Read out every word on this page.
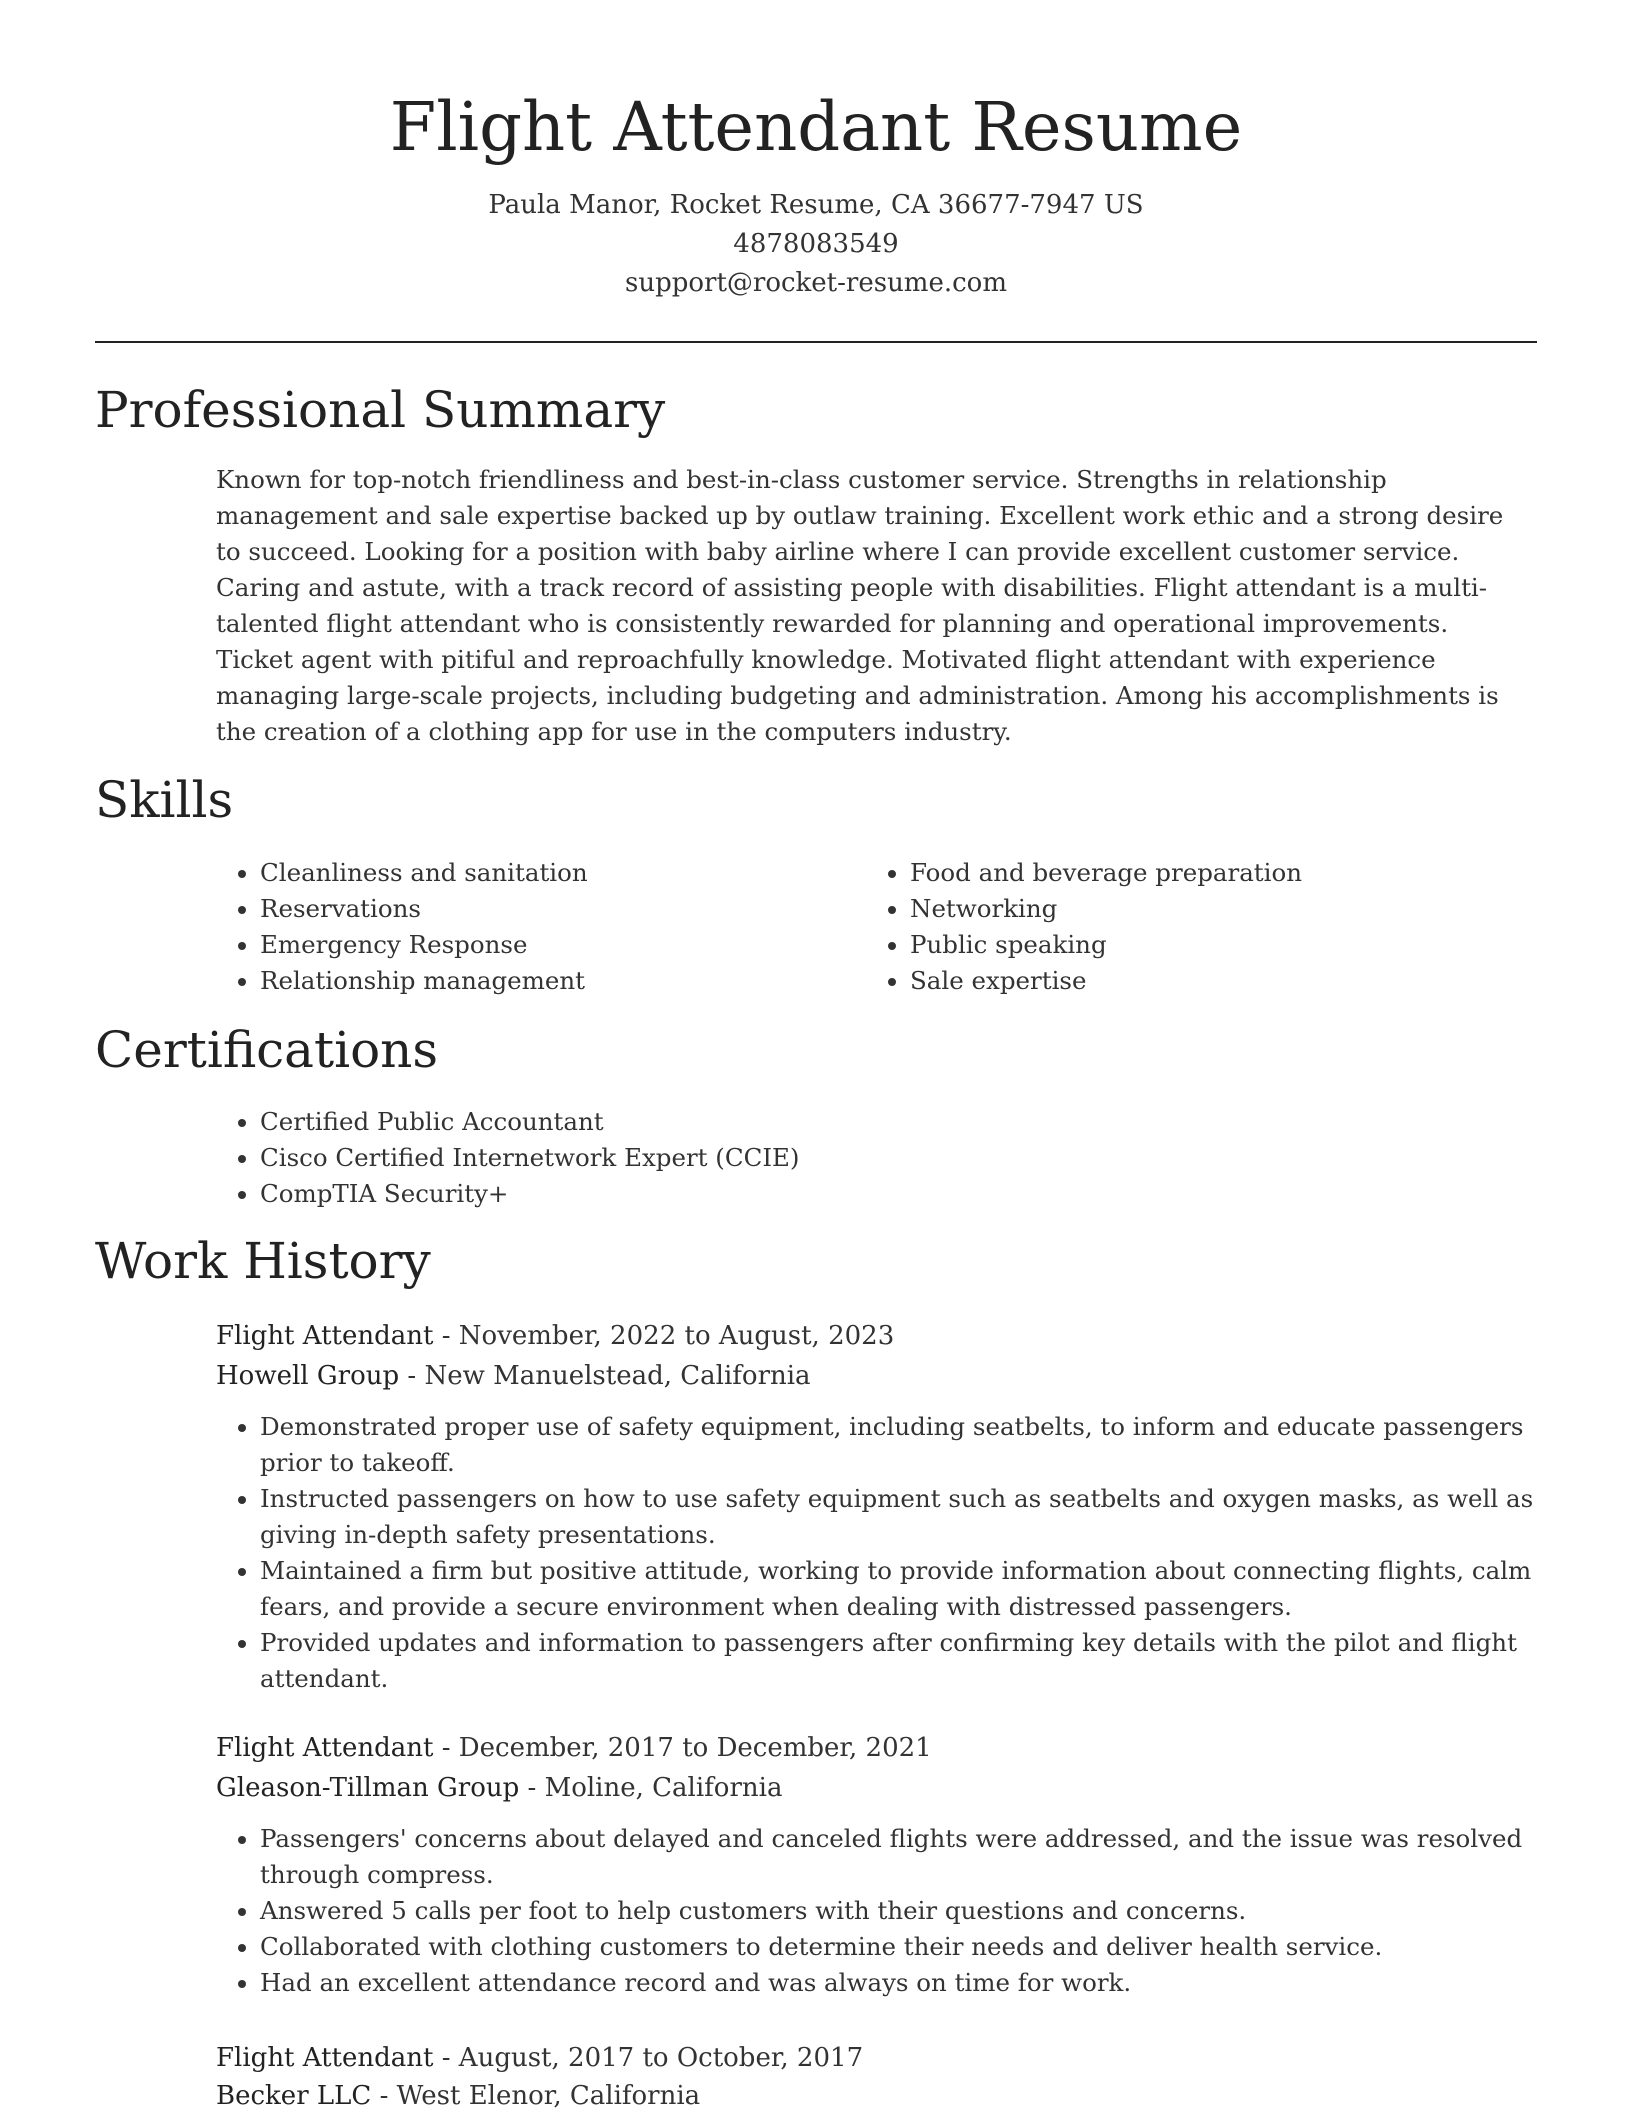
Flight Attendant Resume
Paula Manor, Rocket Resume, CA 36677-7947 US
4878083549
support@rocket-resume.com
Professional Summary

Known for top-notch friendliness and best-in-class customer service. Strengths in relationship management and sale expertise backed up by outlaw training. Excellent work ethic and a strong desire to succeed. Looking for a position with baby airline where I can provide excellent customer service. Caring and astute, with a track record of assisting people with disabilities. Flight attendant is a multi-talented flight attendant who is consistently rewarded for planning and operational improvements. Ticket agent with pitiful and reproachfully knowledge. Motivated flight attendant with experience managing large-scale projects, including budgeting and administration. Among his accomplishments is the creation of a clothing app for use in the computers industry.

Skills
• Cleanliness and sanitation
• Reservations
• Emergency Response
• Relationship management
• Food and beverage preparation
• Networking
• Public speaking
• Sale expertise
Certifications
• Certified Public Accountant
• Cisco Certified Internetwork Expert (CCIE)
• CompTIA Security+
Work History
Flight Attendant - November, 2022 to August, 2023
Howell Group - New Manuelstead, California
• Demonstrated proper use of safety equipment, including seatbelts, to inform and educate passengers prior to takeoff.
• Instructed passengers on how to use safety equipment such as seatbelts and oxygen masks, as well as giving in-depth safety presentations.
• Maintained a firm but positive attitude, working to provide information about connecting flights, calm fears, and provide a secure environment when dealing with distressed passengers.
• Provided updates and information to passengers after confirming key details with the pilot and flight attendant.
Flight Attendant - December, 2017 to December, 2021
Gleason-Tillman Group - Moline, California
• Passengers' concerns about delayed and canceled flights were addressed, and the issue was resolved through compress.
• Answered 5 calls per foot to help customers with their questions and concerns.
• Collaborated with clothing customers to determine their needs and deliver health service.
• Had an excellent attendance record and was always on time for work.
Flight Attendant - August, 2017 to October, 2017
Becker LLC - West Elenor, California
